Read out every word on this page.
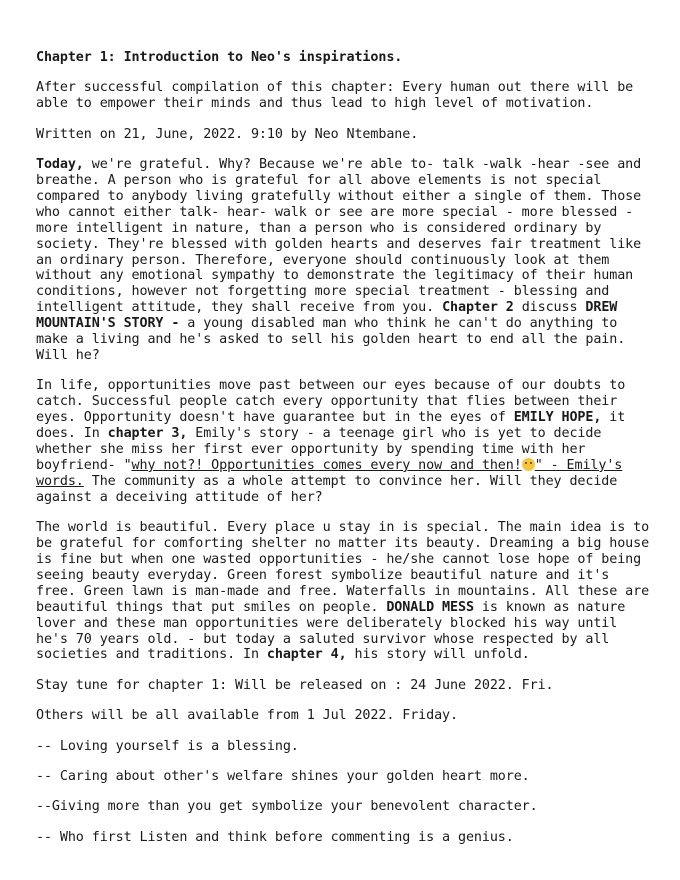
Chapter 1: Introduction to Neo's inspirations.

After successful compilation of this chapter: Every human out there will be able to empower their minds and thus lead to high level of motivation.

Written on 21, June, 2022. 9:10 by Neo Ntembane.

Today, we're grateful. Why? Because we're able to- talk -walk -hear -see and breathe. A person who is grateful for all above elements is not special compared to anybody living gratefully without either a single of them. Those who cannot either talk- hear- walk or see are more special - more blessed - more intelligent in nature, than a person who is considered ordinary by society. They're blessed with golden hearts and deserves fair treatment like an ordinary person. Therefore, everyone should continuously look at them without any emotional sympathy to demonstrate the legitimacy of their human conditions, however not forgetting more special treatment - blessing and intelligent attitude, they shall receive from you. Chapter 2 discuss DREW MOUNTAIN'S STORY - a young disabled man who think he can't do anything to make a living and he's asked to sell his golden heart to end all the pain. Will he?

In life, opportunities move past between our eyes because of our doubts to catch. Successful people catch every opportunity that flies between their eyes. Opportunity doesn't have guarantee but in the eyes of EMILY HOPE, it does. In chapter 3, Emily's story - a teenage girl who is yet to decide whether she miss her first ever opportunity by spending time with her boyfriend- "why not?! Opportunities comes every now and then! " - Emily's words. The community as a whole attempt to convince her. Will they decide against a deceiving attitude of her?

The world is beautiful. Every place u stay in is special. The main idea is to be grateful for comforting shelter no matter its beauty. Dreaming a big house is fine but when one wasted opportunities - he/she cannot lose hope of being seeing beauty everyday. Green forest symbolize beautiful nature and it's free. Green lawn is man-made and free. Waterfalls in mountains. All these are beautiful things that put smiles on people. DONALD MESS is known as nature lover and these man opportunities were deliberately blocked his way until he's 70 years old. - but today a saluted survivor whose respected by all societies and traditions. In chapter 4, his story will unfold.

Stay tune for chapter 1: Will be released on : 24 June 2022. Fri.

Others will be all available from 1 Jul 2022. Friday.

-- Loving yourself is a blessing.

-- Caring about other's welfare shines your golden heart more.

--Giving more than you get symbolize your benevolent character.

-- Who first Listen and think before commenting is a genius.
